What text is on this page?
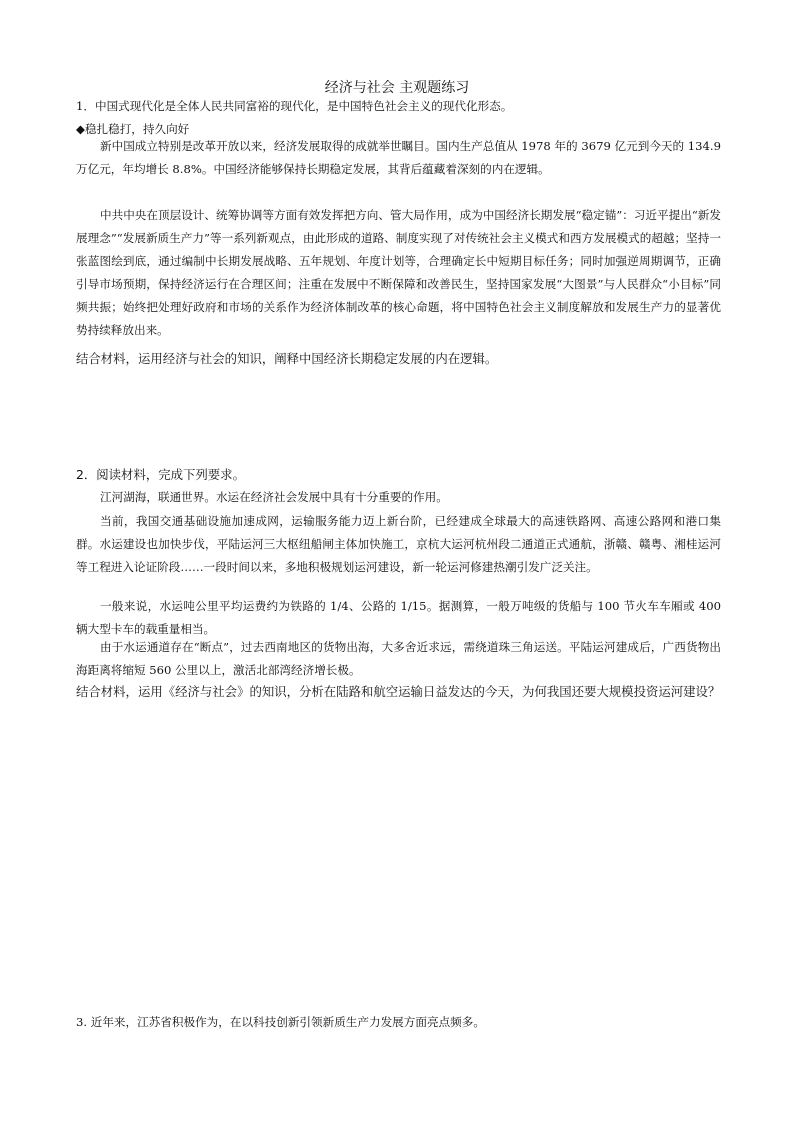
经济与社会 主观题练习
1．中国式现代化是全体人民共同富裕的现代化，是中国特色社会主义的现代化形态。
◆稳扎稳打，持久向好

新中国成立特别是改革开放以来，经济发展取得的成就举世瞩目。国内生产总值从 1978 年的 3679 亿元到今天的 134.9 万亿元，年均增长 8.8%。中国经济能够保持长期稳定发展，其背后蕴藏着深刻的内在逻辑。

中共中央在顶层设计、统筹协调等方面有效发挥把方向、管大局作用，成为中国经济长期发展“稳定锚”：习近平提出“新发展理念”“发展新质生产力”等一系列新观点，由此形成的道路、制度实现了对传统社会主义模式和西方发展模式的超越；坚持一张蓝图绘到底，通过编制中长期发展战略、五年规划、年度计划等，合理确定长中短期目标任务；同时加强逆周期调节，正确引导市场预期，保持经济运行在合理区间；注重在发展中不断保障和改善民生，坚持国家发展“大图景”与人民群众“小目标”同频共振；始终把处理好政府和市场的关系作为经济体制改革的核心命题，将中国特色社会主义制度解放和发展生产力的显著优势持续释放出来。

结合材料，运用经济与社会的知识，阐释中国经济长期稳定发展的内在逻辑。

2．阅读材料，完成下列要求。

江河湖海，联通世界。水运在经济社会发展中具有十分重要的作用。

当前，我国交通基础设施加速成网，运输服务能力迈上新台阶，已经建成全球最大的高速铁路网、高速公路网和港口集群。水运建设也加快步伐，平陆运河三大枢纽船闸主体加快施工，京杭大运河杭州段二通道正式通航，浙赣、赣粤、湘桂运河等工程进入论证阶段……一段时间以来，多地积极规划运河建设，新一轮运河修建热潮引发广泛关注。

一般来说，水运吨公里平均运费约为铁路的 1/4、公路的 1/15。据测算，一般万吨级的货船与 100 节火车车厢或 400 辆大型卡车的载重量相当。

由于水运通道存在“断点”，过去西南地区的货物出海，大多舍近求远，需绕道珠三角运送。平陆运河建成后，广西货物出海距离将缩短 560 公里以上，激活北部湾经济增长极。

结合材料，运用《经济与社会》的知识，分析在陆路和航空运输日益发达的今天，为何我国还要大规模投资运河建设？

3. 近年来，江苏省积极作为，在以科技创新引领新质生产力发展方面亮点频多。
